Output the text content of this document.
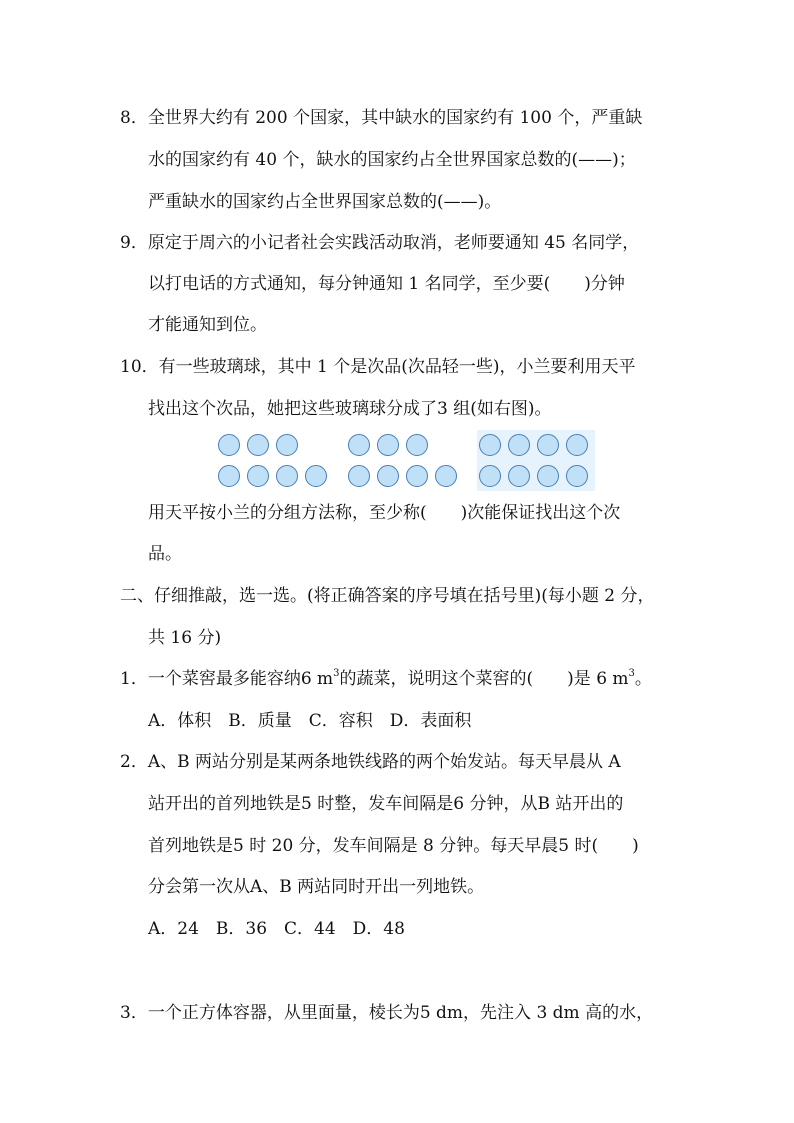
8．全世界大约有 200 个国家，其中缺水的国家约有 100 个，严重缺
水的国家约有 40 个，缺水的国家约占全世界国家总数的(——)；
严重缺水的国家约占全世界国家总数的(——)。
9．原定于周六的小记者社会实践活动取消，老师要通知 45 名同学，
以打电话的方式通知，每分钟通知 1 名同学，至少要(　　)分钟
才能通知到位。
10．有一些玻璃球，其中 1 个是次品(次品轻一些)，小兰要利用天平
找出这个次品，她把这些玻璃球分成了3 组(如右图)。
用天平按小兰的分组方法称，至少称(　　)次能保证找出这个次
品。
二、仔细推敲，选一选。(将正确答案的序号填在括号里)(每小题 2 分，
共 16 分)
1．一个菜窖最多能容纳6 $m^3$的蔬菜，说明这个菜窖的(　　)是 6 $m^3$。
A．体积　B．质量　C．容积　D．表面积
2．A、B 两站分别是某两条地铁线路的两个始发站。每天早晨从 A
站开出的首列地铁是5 时整，发车间隔是6 分钟，从B 站开出的
首列地铁是5 时 20 分，发车间隔是 8 分钟。每天早晨5 时(　　)
分会第一次从A、B 两站同时开出一列地铁。
A．24　B．36　C．44　D．48
3．一个正方体容器，从里面量，棱长为5 dm，先注入 3 dm 高的水，
